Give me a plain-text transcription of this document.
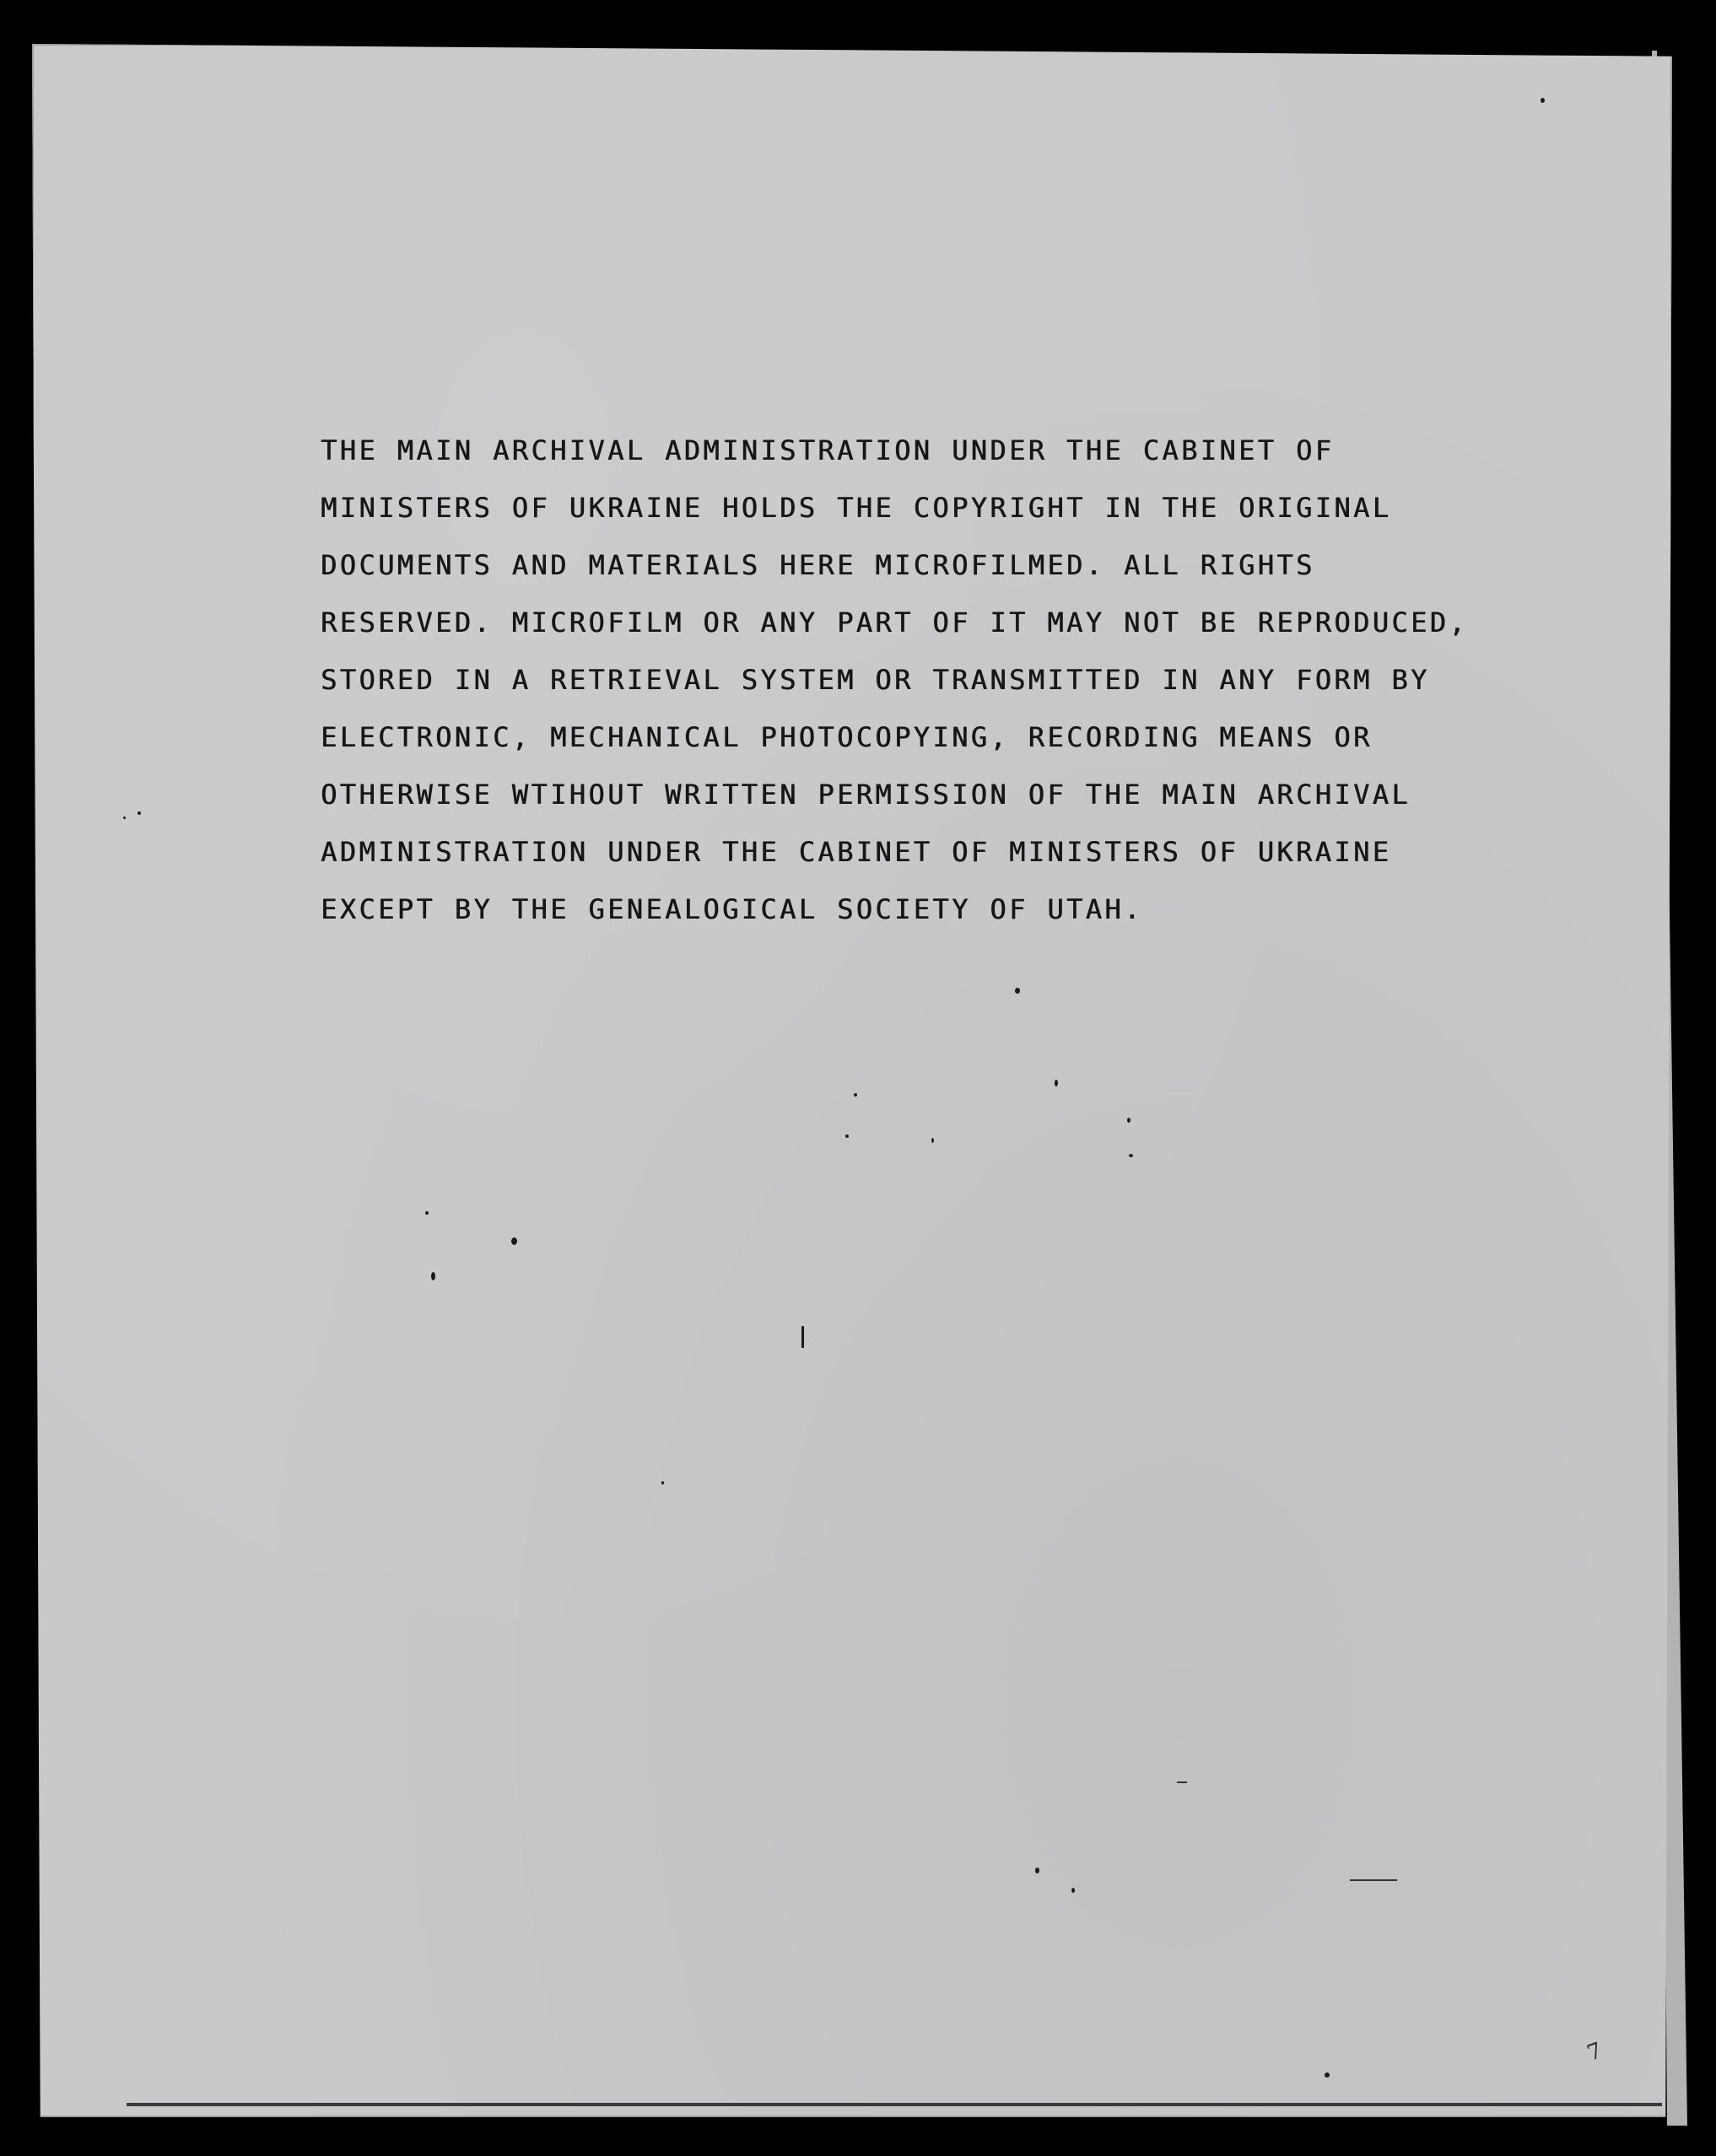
THE MAIN ARCHIVAL ADMINISTRATION UNDER THE CABINET OF
MINISTERS OF UKRAINE HOLDS THE COPYRIGHT IN THE ORIGINAL
DOCUMENTS AND MATERIALS HERE MICROFILMED. ALL RIGHTS
RESERVED. MICROFILM OR ANY PART OF IT MAY NOT BE REPRODUCED,
STORED IN A RETRIEVAL SYSTEM OR TRANSMITTED IN ANY FORM BY
ELECTRONIC, MECHANICAL PHOTOCOPYING, RECORDING MEANS OR
OTHERWISE WTIHOUT WRITTEN PERMISSION OF THE MAIN ARCHIVAL
ADMINISTRATION UNDER THE CABINET OF MINISTERS OF UKRAINE
EXCEPT BY THE GENEALOGICAL SOCIETY OF UTAH.
7
